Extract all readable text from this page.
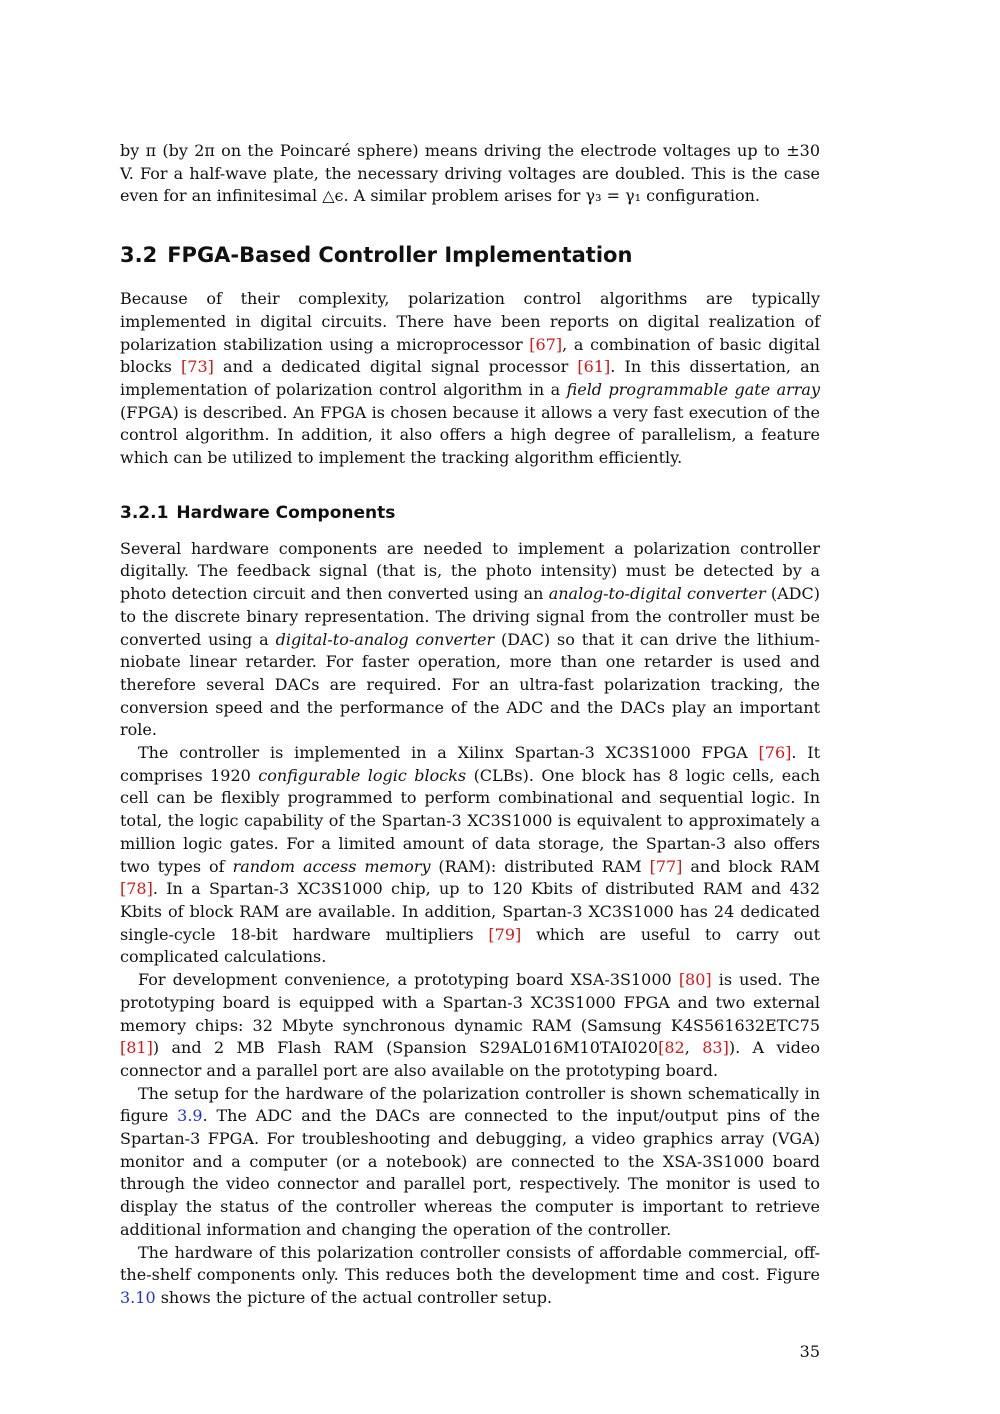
by π (by 2π on the Poincaré sphere) means driving the electrode voltages up to ±30 V. For a half-wave plate, the necessary driving voltages are doubled. This is the case even for an infinitesimal △ϵ. A similar problem arises for γ₃ = γ₁ configuration.

3.2 FPGA-Based Controller Implementation

Because of their complexity, polarization control algorithms are typically implemented in digital circuits. There have been reports on digital realization of polarization stabilization using a microprocessor [67], a combination of basic digital blocks [73] and a dedicated digital signal processor [61]. In this dissertation, an implementation of polarization control algorithm in a field programmable gate array (FPGA) is described. An FPGA is chosen because it allows a very fast execution of the control algorithm. In addition, it also offers a high degree of parallelism, a feature which can be utilized to implement the tracking algorithm efficiently.

3.2.1 Hardware Components

Several hardware components are needed to implement a polarization controller digitally. The feedback signal (that is, the photo intensity) must be detected by a photo detection circuit and then converted using an analog-to-digital converter (ADC) to the discrete binary representation. The driving signal from the controller must be converted using a digital-to-analog converter (DAC) so that it can drive the lithium-niobate linear retarder. For faster operation, more than one retarder is used and therefore several DACs are required. For an ultra-fast polarization tracking, the conversion speed and the performance of the ADC and the DACs play an important role.

The controller is implemented in a Xilinx Spartan-3 XC3S1000 FPGA [76]. It comprises 1920 configurable logic blocks (CLBs). One block has 8 logic cells, each cell can be flexibly programmed to perform combinational and sequential logic. In total, the logic capability of the Spartan-3 XC3S1000 is equivalent to approximately a million logic gates. For a limited amount of data storage, the Spartan-3 also offers two types of random access memory (RAM): distributed RAM [77] and block RAM [78]. In a Spartan-3 XC3S1000 chip, up to 120 Kbits of distributed RAM and 432 Kbits of block RAM are available. In addition, Spartan-3 XC3S1000 has 24 dedicated single-cycle 18-bit hardware multipliers [79] which are useful to carry out complicated calculations.

For development convenience, a prototyping board XSA-3S1000 [80] is used. The prototyping board is equipped with a Spartan-3 XC3S1000 FPGA and two external memory chips: 32 Mbyte synchronous dynamic RAM (Samsung K4S561632ETC75 [81]) and 2 MB Flash RAM (Spansion S29AL016M10TAI020[82, 83]). A video connector and a parallel port are also available on the prototyping board.

The setup for the hardware of the polarization controller is shown schematically in figure 3.9. The ADC and the DACs are connected to the input/output pins of the Spartan-3 FPGA. For troubleshooting and debugging, a video graphics array (VGA) monitor and a computer (or a notebook) are connected to the XSA-3S1000 board through the video connector and parallel port, respectively. The monitor is used to display the status of the controller whereas the computer is important to retrieve additional information and changing the operation of the controller.

The hardware of this polarization controller consists of affordable commercial, off-the-shelf components only. This reduces both the development time and cost. Figure 3.10 shows the picture of the actual controller setup.

35
